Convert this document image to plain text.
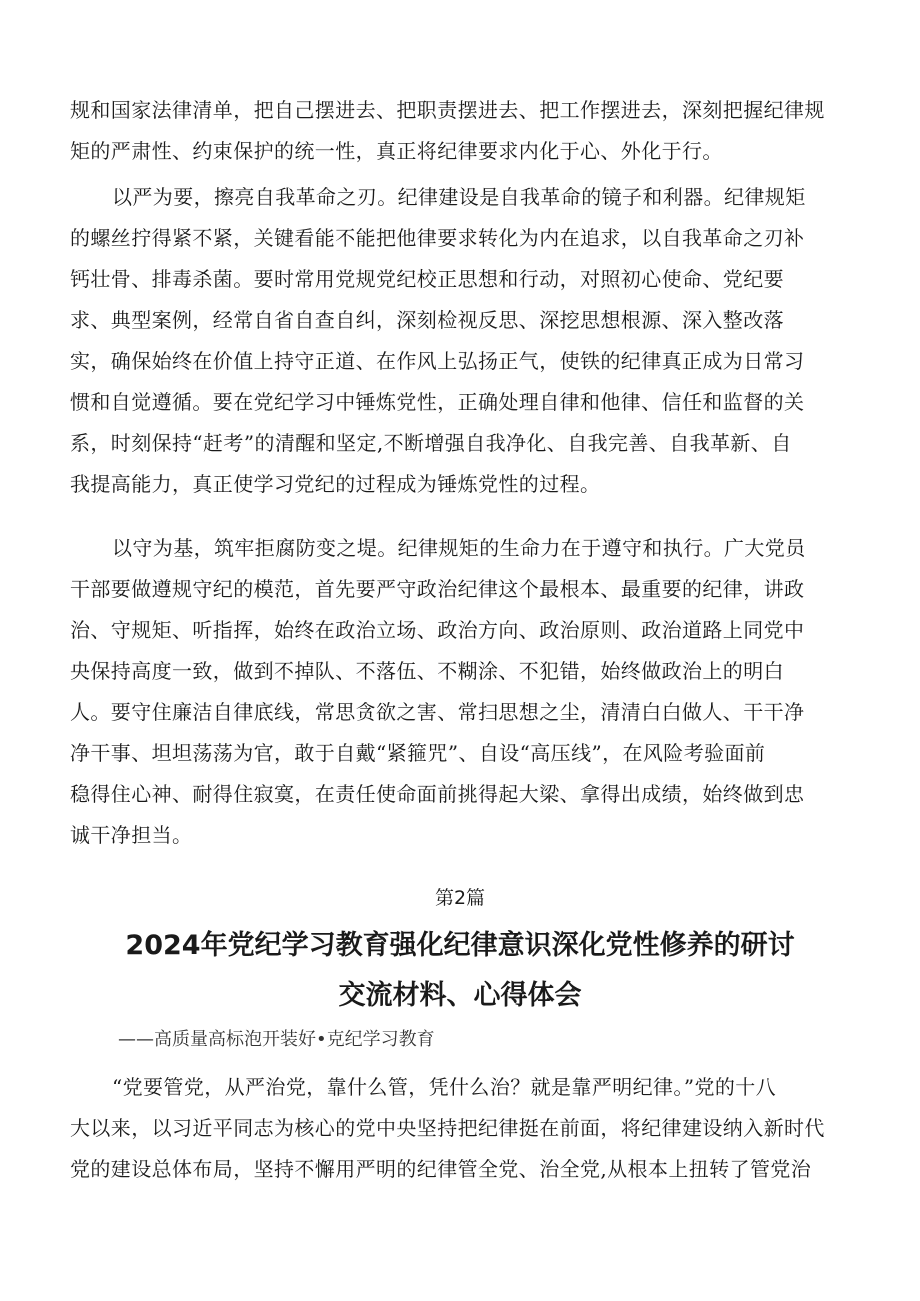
规和国家法律清单，把自己摆进去、把职责摆进去、把工作摆进去，深刻把握纪律规
矩的严肃性、约束保护的统一性，真正将纪律要求内化于心、外化于行。
以严为要，擦亮自我革命之刃。纪律建设是自我革命的镜子和利器。纪律规矩
的螺丝拧得紧不紧，关键看能不能把他律要求转化为内在追求，以自我革命之刃补
钙壮骨、排毒杀菌。要时常用党规党纪校正思想和行动，对照初心使命、党纪要
求、典型案例，经常自省自查自纠，深刻检视反思、深挖思想根源、深入整改落
实，确保始终在价值上持守正道、在作风上弘扬正气，使铁的纪律真正成为日常习
惯和自觉遵循。要在党纪学习中锤炼党性，正确处理自律和他律、信任和监督的关
系，时刻保持“赶考”的清醒和坚定,不断增强自我净化、自我完善、自我革新、自
我提高能力，真正使学习党纪的过程成为锤炼党性的过程。
以守为基，筑牢拒腐防变之堤。纪律规矩的生命力在于遵守和执行。广大党员
干部要做遵规守纪的模范，首先要严守政治纪律这个最根本、最重要的纪律，讲政
治、守规矩、听指挥，始终在政治立场、政治方向、政治原则、政治道路上同党中
央保持高度一致，做到不掉队、不落伍、不糊涂、不犯错，始终做政治上的明白
人。要守住廉洁自律底线，常思贪欲之害、常扫思想之尘，清清白白做人、干干净
净干事、坦坦荡荡为官，敢于自戴“紧箍咒”、自设“高压线”，在风险考验面前
稳得住心神、耐得住寂寞，在责任使命面前挑得起大梁、拿得出成绩，始终做到忠
诚干净担当。
第2篇
2024年党纪学习教育强化纪律意识深化党性修养的研讨
交流材料、心得体会
——高质量高标泡开装好•克纪学习教育
“党要管党，从严治党，靠什么管，凭什么治？就是靠严明纪律。”党的十八
大以来，以习近平同志为核心的党中央坚持把纪律挺在前面，将纪律建设纳入新时代
党的建设总体布局，坚持不懈用严明的纪律管全党、治全党,从根本上扭转了管党治
